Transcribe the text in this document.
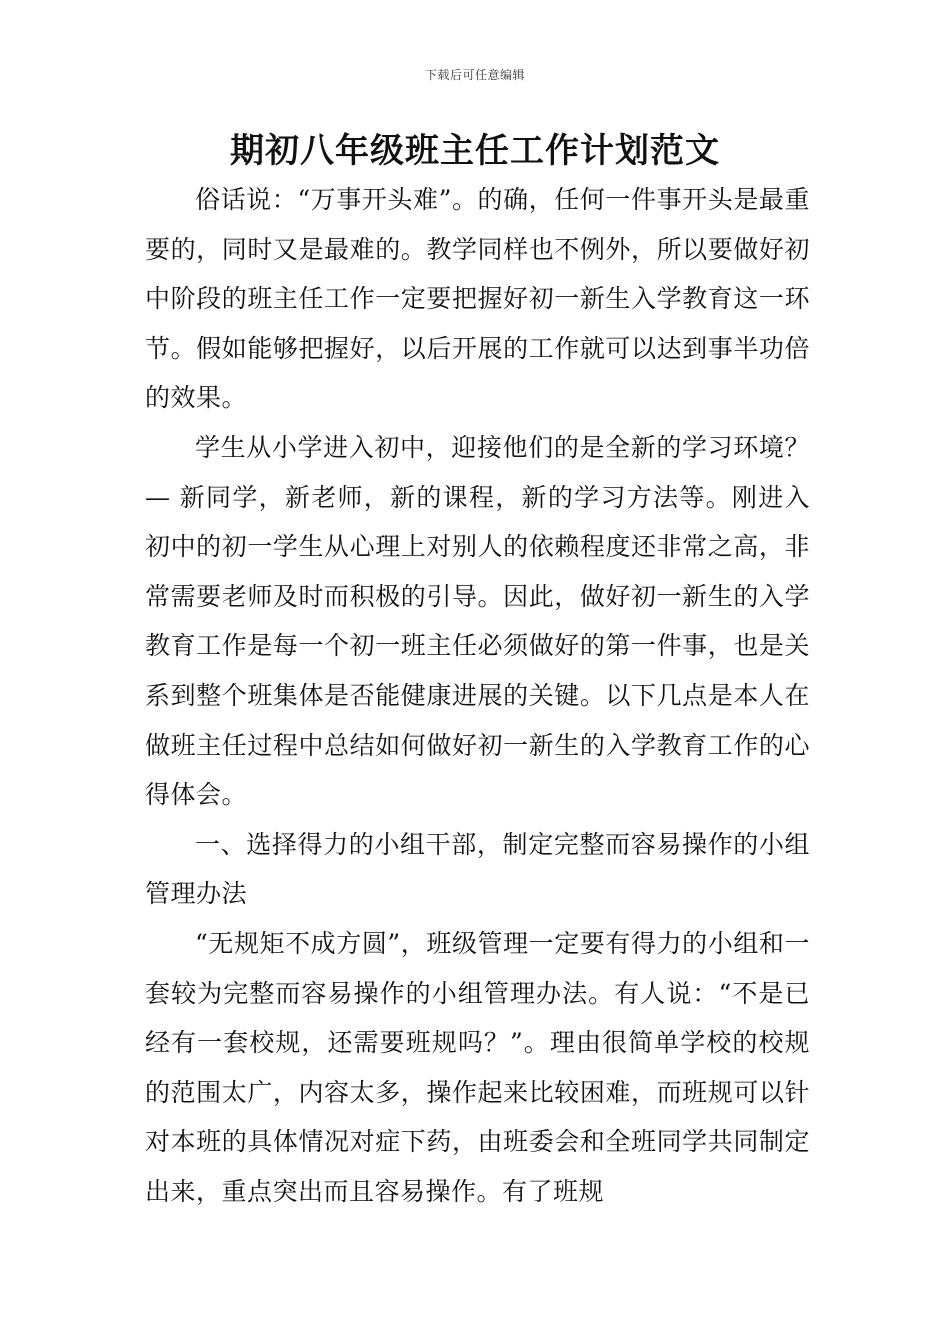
下载后可任意编辑
期初八年级班主任工作计划范文

俗话说：“万事开头难”。的确，任何一件事开头是最重要的，同时又是最难的。教学同样也不例外，所以要做好初中阶段的班主任工作一定要把握好初一新生入学教育这一环节。假如能够把握好，以后开展的工作就可以达到事半功倍的效果。

学生从小学进入初中，迎接他们的是全新的学习环境？— 新同学，新老师，新的课程，新的学习方法等。刚进入初中的初一学生从心理上对别人的依赖程度还非常之高，非常需要老师及时而积极的引导。因此，做好初一新生的入学教育工作是每一个初一班主任必须做好的第一件事，也是关系到整个班集体是否能健康进展的关键。以下几点是本人在做班主任过程中总结如何做好初一新生的入学教育工作的心得体会。

一、选择得力的小组干部，制定完整而容易操作的小组管理办法

“无规矩不成方圆”，班级管理一定要有得力的小组和一套较为完整而容易操作的小组管理办法。有人说：“不是已经有一套校规，还需要班规吗？”。理由很简单学校的校规的范围太广，内容太多，操作起来比较困难，而班规可以针对本班的具体情况对症下药，由班委会和全班同学共同制定出来，重点突出而且容易操作。有了班规
